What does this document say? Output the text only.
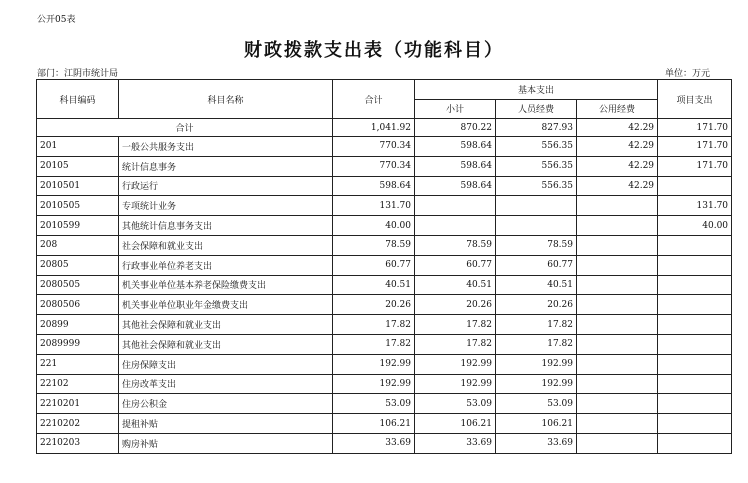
公开05表
财政拨款支出表（功能科目）
部门：江阴市统计局	单位：万元
科目编码	科目名称	合计	基本支出			项目支出
			小计	人员经费	公用经费	
合计		1,041.92	870.22	827.93	42.29	171.70
201	一般公共服务支出	770.34	598.64	556.35	42.29	171.70
20105	统计信息事务	770.34	598.64	556.35	42.29	171.70
2010501	行政运行	598.64	598.64	556.35	42.29	
2010505	专项统计业务	131.70				131.70
2010599	其他统计信息事务支出	40.00				40.00
208	社会保障和就业支出	78.59	78.59	78.59		
20805	行政事业单位养老支出	60.77	60.77	60.77		
2080505	机关事业单位基本养老保险缴费支出	40.51	40.51	40.51		
2080506	机关事业单位职业年金缴费支出	20.26	20.26	20.26		
20899	其他社会保障和就业支出	17.82	17.82	17.82		
2089999	其他社会保障和就业支出	17.82	17.82	17.82		
221	住房保障支出	192.99	192.99	192.99		
22102	住房改革支出	192.99	192.99	192.99		
2210201	住房公积金	53.09	53.09	53.09		
2210202	提租补贴	106.21	106.21	106.21		
2210203	购房补贴	33.69	33.69	33.69		
